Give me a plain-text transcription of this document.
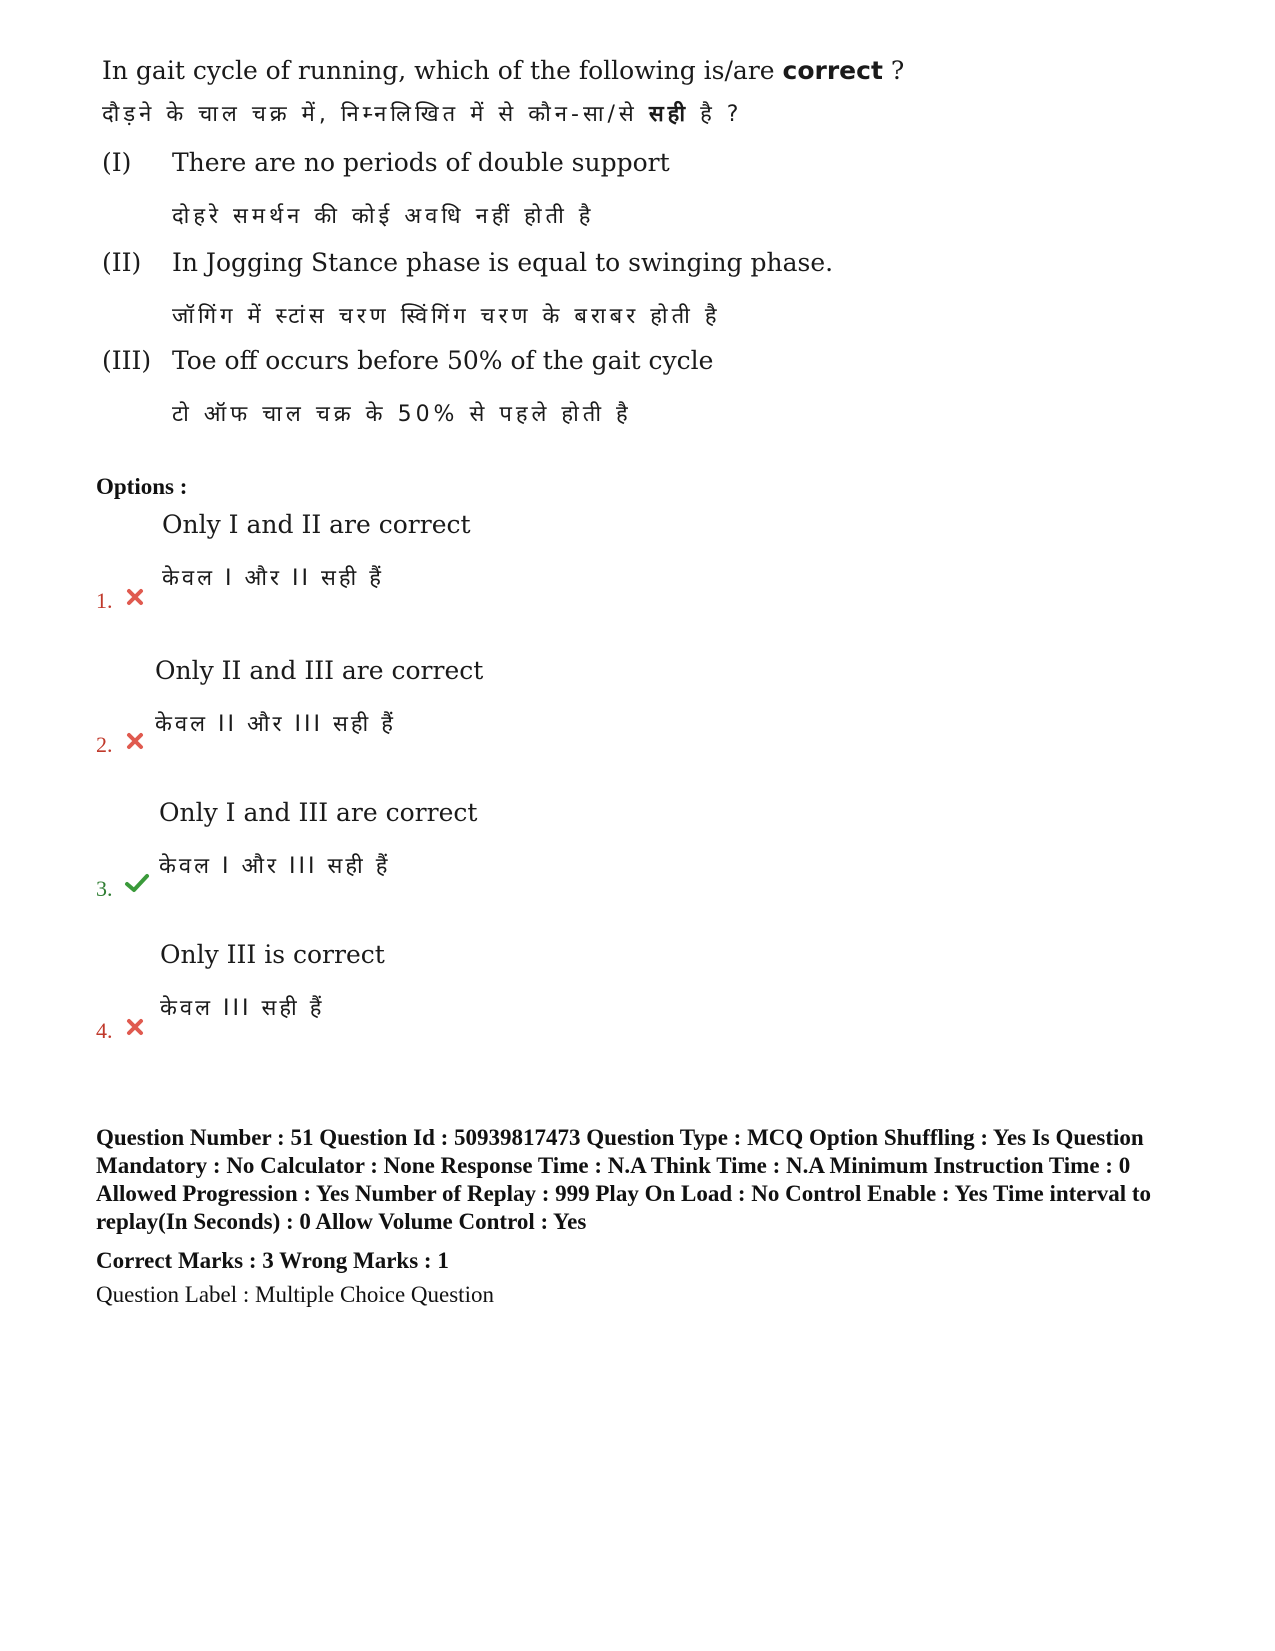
In gait cycle of running, which of the following is/are correct ?
दौड़ने के चाल चक्र में, निम्नलिखित में से कौन-सा/से सही है ?
(I) There are no periods of double support
दोहरे समर्थन की कोई अवधि नहीं होती है
(II) In Jogging Stance phase is equal to swinging phase.
जॉगिंग में स्टांस चरण स्विंगिंग चरण के बराबर होती है
(III) Toe off occurs before 50% of the gait cycle
टो ऑफ चाल चक्र के 50% से पहले होती है
Options :
Only I and II are correct
केवल I और II सही हैं
1.
Only II and III are correct
केवल II और III सही हैं
2.
Only I and III are correct
केवल I और III सही हैं
3.
Only III is correct
केवल III सही हैं
4.
Question Number : 51 Question Id : 50939817473 Question Type : MCQ Option Shuffling : Yes Is Question Mandatory : No Calculator : None Response Time : N.A Think Time : N.A Minimum Instruction Time : 0 Allowed Progression : Yes Number of Replay : 999 Play On Load : No Control Enable : Yes Time interval to replay(In Seconds) : 0 Allow Volume Control : Yes
Correct Marks : 3 Wrong Marks : 1
Question Label : Multiple Choice Question
